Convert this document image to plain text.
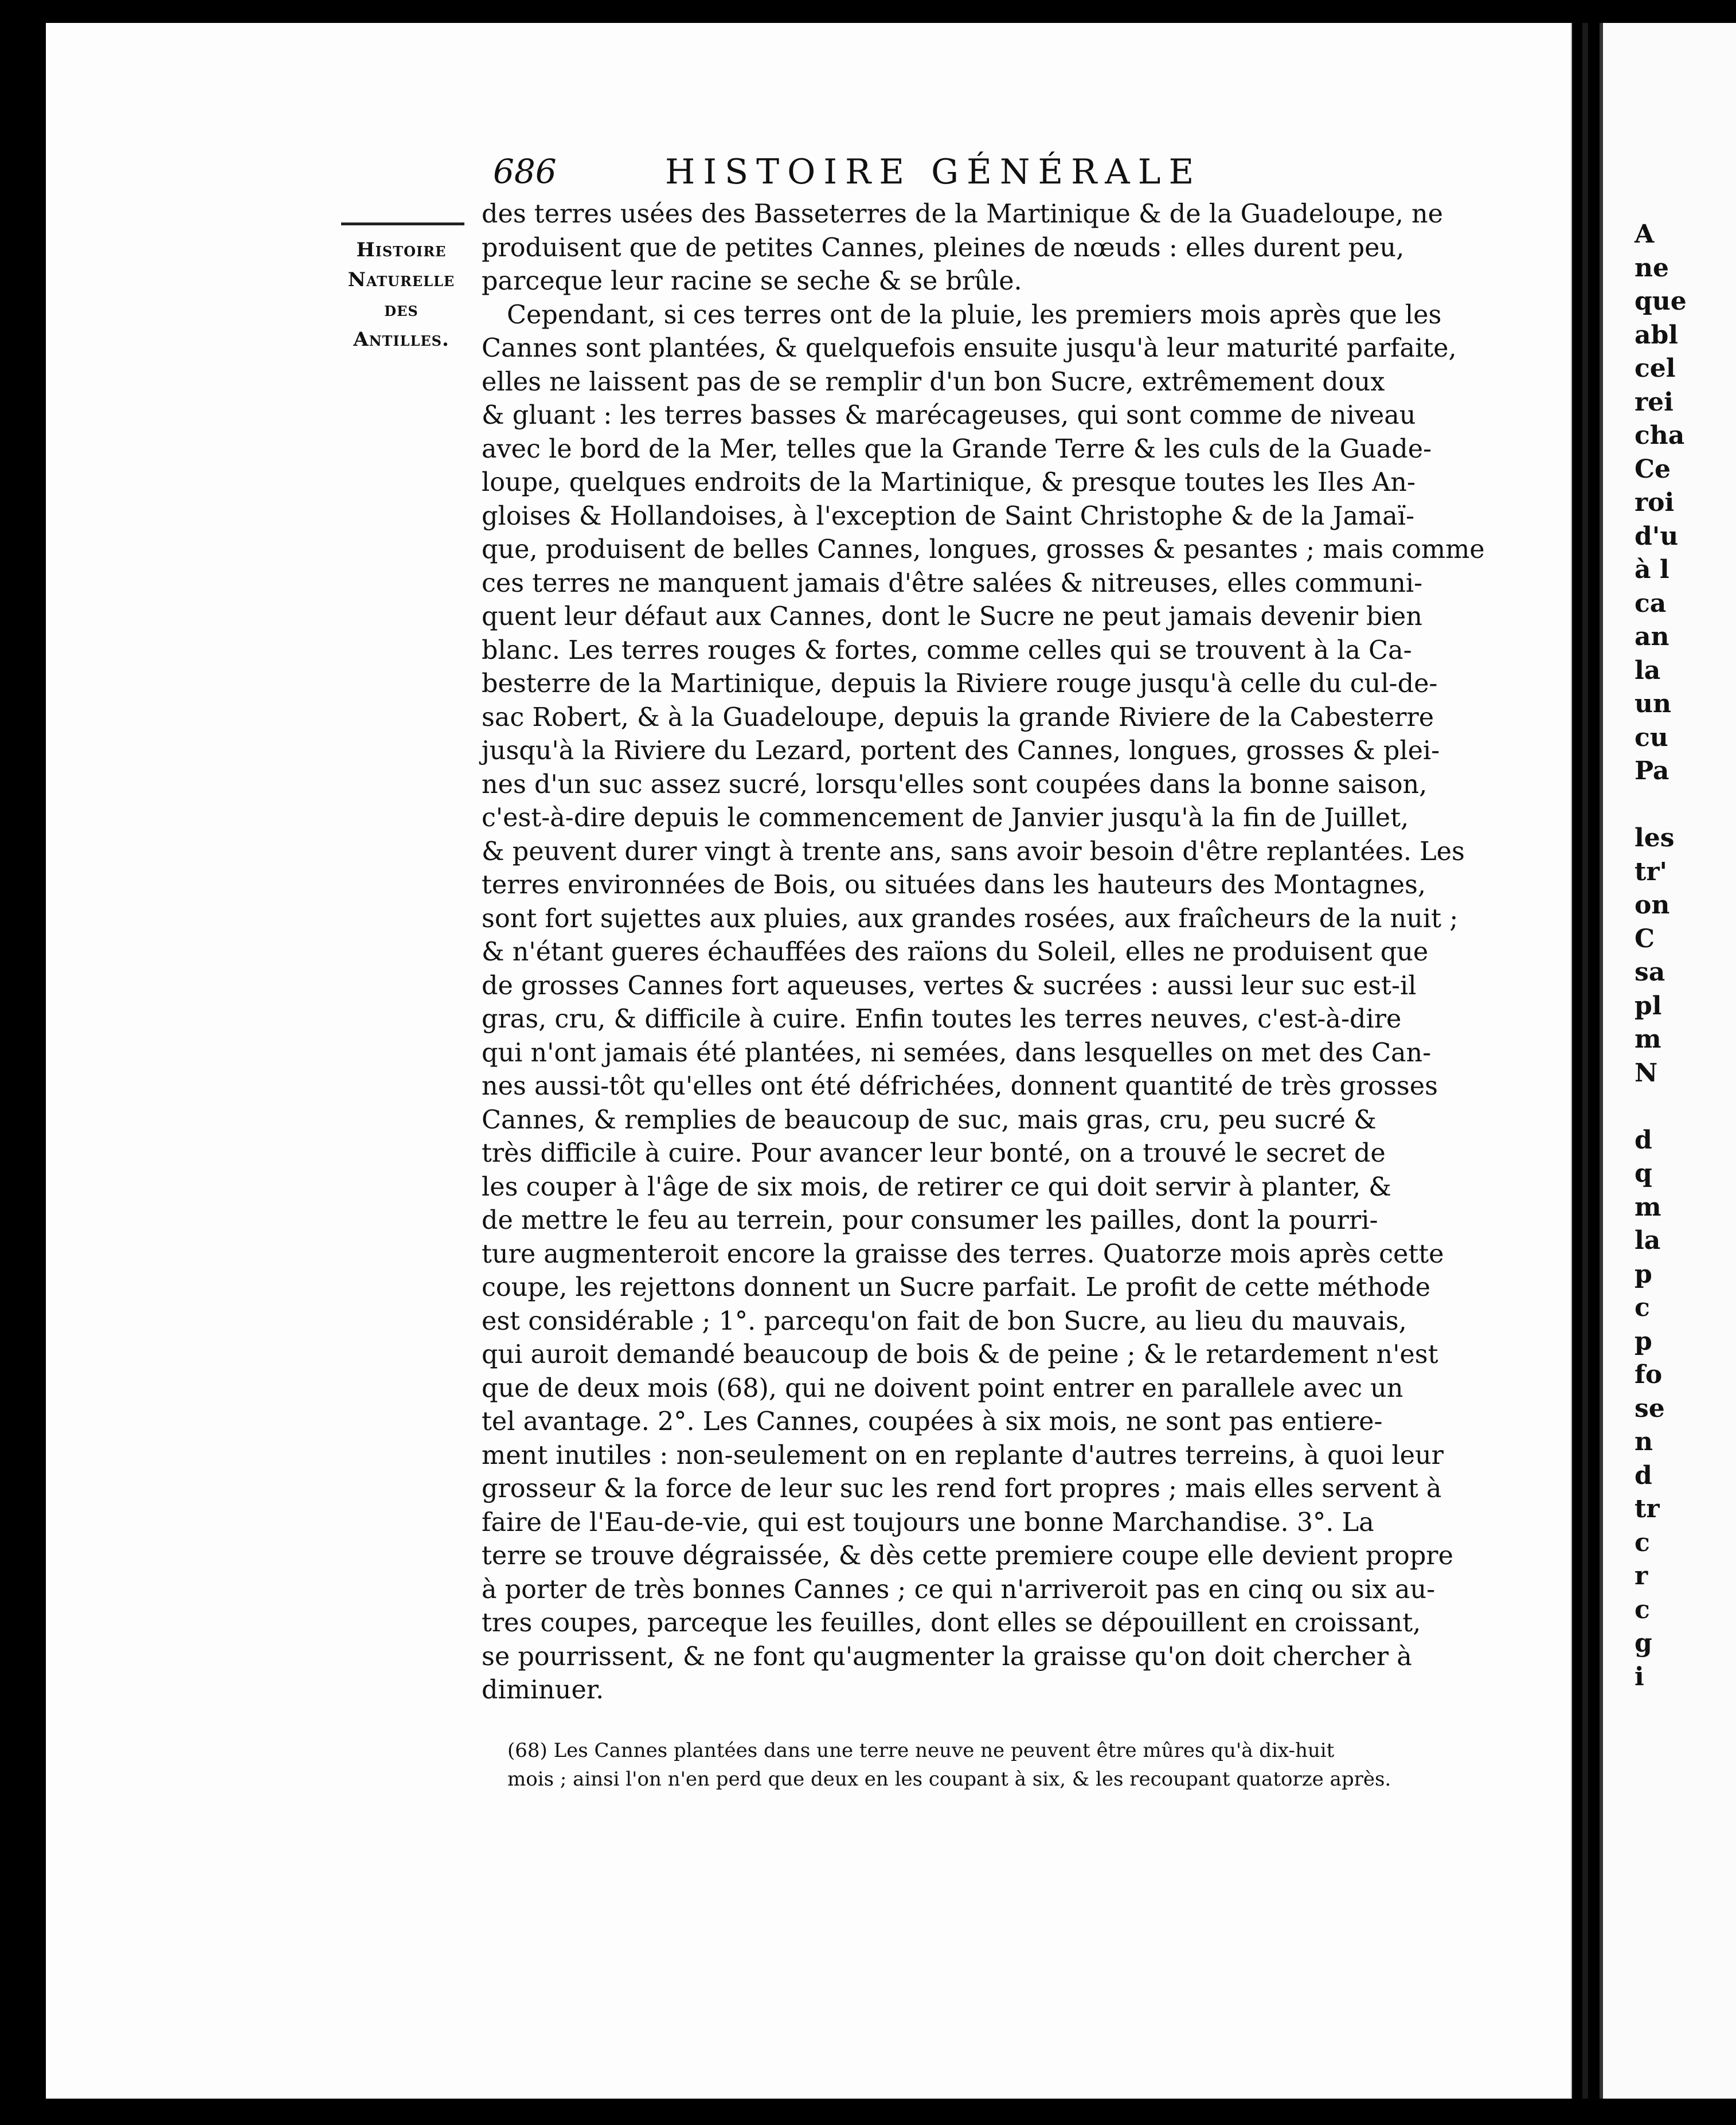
A
ne
que
abl
cel
rei
cha
Ce
roi
d'u
à l
ca
an
la
un
cu
Pa
les
tr'
on
C
sa
pl
m
N
d
q
m
la
p
c
p
fo
se
n
d
tr
c
r
c
g
i
686	HISTOIRE GÉNÉRALE
Histoire
Naturelle
des
Antilles.
des terres usées des Basseterres de la Martinique & de la Guadeloupe, ne
produisent que de petites Cannes, pleines de nœuds : elles durent peu,
parceque leur racine se seche & se brûle.
Cependant, si ces terres ont de la pluie, les premiers mois après que les
Cannes sont plantées, & quelquefois ensuite jusqu'à leur maturité parfaite,
elles ne laissent pas de se remplir d'un bon Sucre, extrêmement doux
& gluant : les terres basses & marécageuses, qui sont comme de niveau
avec le bord de la Mer, telles que la Grande Terre & les culs de la Guade-
loupe, quelques endroits de la Martinique, & presque toutes les Iles An-
gloises & Hollandoises, à l'exception de Saint Christophe & de la Jamaï-
que, produisent de belles Cannes, longues, grosses & pesantes ; mais comme
ces terres ne manquent jamais d'être salées & nitreuses, elles communi-
quent leur défaut aux Cannes, dont le Sucre ne peut jamais devenir bien
blanc. Les terres rouges & fortes, comme celles qui se trouvent à la Ca-
besterre de la Martinique, depuis la Riviere rouge jusqu'à celle du cul-de-
sac Robert, & à la Guadeloupe, depuis la grande Riviere de la Cabesterre
jusqu'à la Riviere du Lezard, portent des Cannes, longues, grosses & plei-
nes d'un suc assez sucré, lorsqu'elles sont coupées dans la bonne saison,
c'est-à-dire depuis le commencement de Janvier jusqu'à la fin de Juillet,
& peuvent durer vingt à trente ans, sans avoir besoin d'être replantées. Les
terres environnées de Bois, ou situées dans les hauteurs des Montagnes,
sont fort sujettes aux pluies, aux grandes rosées, aux fraîcheurs de la nuit ;
& n'étant gueres échauffées des raïons du Soleil, elles ne produisent que
de grosses Cannes fort aqueuses, vertes & sucrées : aussi leur suc est-il
gras, cru, & difficile à cuire. Enfin toutes les terres neuves, c'est-à-dire
qui n'ont jamais été plantées, ni semées, dans lesquelles on met des Can-
nes aussi-tôt qu'elles ont été défrichées, donnent quantité de très grosses
Cannes, & remplies de beaucoup de suc, mais gras, cru, peu sucré &
très difficile à cuire. Pour avancer leur bonté, on a trouvé le secret de
les couper à l'âge de six mois, de retirer ce qui doit servir à planter, &
de mettre le feu au terrein, pour consumer les pailles, dont la pourri-
ture augmenteroit encore la graisse des terres. Quatorze mois après cette
coupe, les rejettons donnent un Sucre parfait. Le profit de cette méthode
est considérable ; 1°. parcequ'on fait de bon Sucre, au lieu du mauvais,
qui auroit demandé beaucoup de bois & de peine ; & le retardement n'est
que de deux mois (68), qui ne doivent point entrer en parallele avec un
tel avantage. 2°. Les Cannes, coupées à six mois, ne sont pas entiere-
ment inutiles : non-seulement on en replante d'autres terreins, à quoi leur
grosseur & la force de leur suc les rend fort propres ; mais elles servent à
faire de l'Eau-de-vie, qui est toujours une bonne Marchandise. 3°. La
terre se trouve dégraissée, & dès cette premiere coupe elle devient propre
à porter de très bonnes Cannes ; ce qui n'arriveroit pas en cinq ou six au-
tres coupes, parceque les feuilles, dont elles se dépouillent en croissant,
se pourrissent, & ne font qu'augmenter la graisse qu'on doit chercher à
diminuer.
(68) Les Cannes plantées dans une terre neuve ne peuvent être mûres qu'à dix-huit
mois ; ainsi l'on n'en perd que deux en les coupant à six, & les recoupant quatorze après.
